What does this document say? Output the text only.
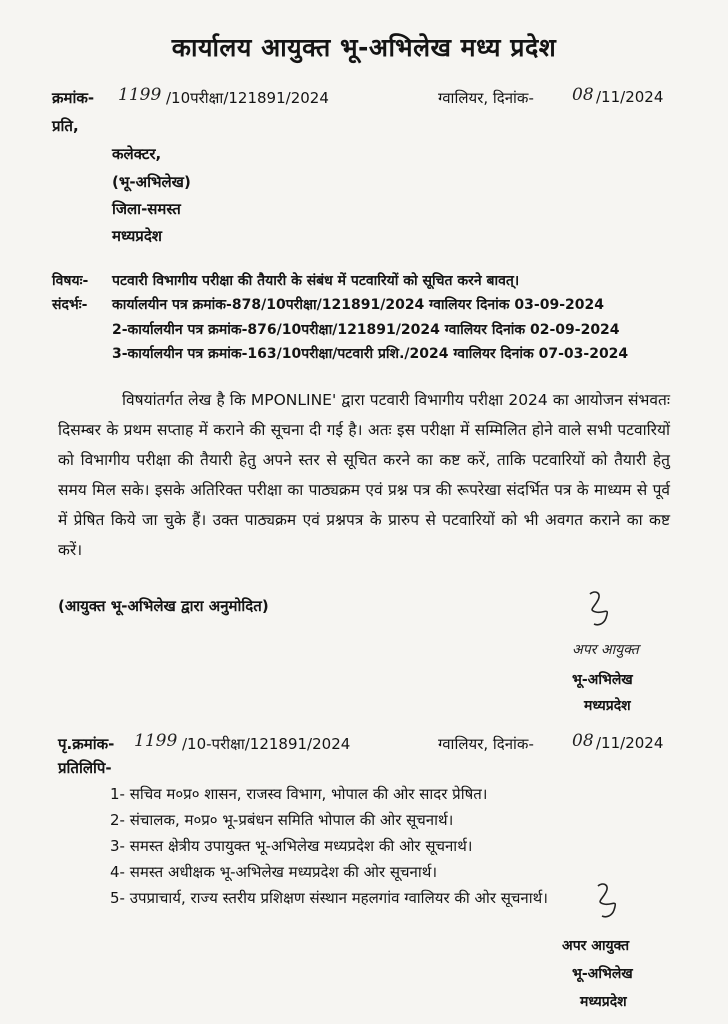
कार्यालय आयुक्त भू-अभिलेख मध्य प्रदेश
क्रमांक- 1199 /10परीक्षा/121891/2024	ग्वालियर, दिनांक- 08 /11/2024
प्रति,
कलेक्टर,
(भू-अभिलेख)
जिला-समस्त
मध्यप्रदेश
विषयः- पटवारी विभागीय परीक्षा की तैयारी के संबंध में पटवारियों को सूचित करने बावत्।
संदर्भः- कार्यालयीन पत्र क्रमांक-878/10परीक्षा/121891/2024 ग्वालियर दिनांक 03-09-2024
2-कार्यालयीन पत्र क्रमांक-876/10परीक्षा/121891/2024 ग्वालियर दिनांक 02-09-2024
3-कार्यालयीन पत्र क्रमांक-163/10परीक्षा/पटवारी प्रशि./2024 ग्वालियर दिनांक 07-03-2024
विषयांतर्गत लेख है कि MPONLINE' द्वारा पटवारी विभागीय परीक्षा 2024 का आयोजन संभवतः दिसम्बर के प्रथम सप्ताह में कराने की सूचना दी गई है। अतः इस परीक्षा में सम्मिलित होने वाले सभी पटवारियों को विभागीय परीक्षा की तैयारी हेतु अपने स्तर से सूचित करने का कष्ट करें, ताकि पटवारियों को तैयारी हेतु समय मिल सके। इसके अतिरिक्त परीक्षा का पाठ्यक्रम एवं प्रश्न पत्र की रूपरेखा संदर्भित पत्र के माध्यम से पूर्व में प्रेषित किये जा चुके हैं। उक्त पाठ्यक्रम एवं प्रश्नपत्र के प्रारुप से पटवारियों को भी अवगत कराने का कष्ट करें।
(आयुक्त भू-अभिलेख द्वारा अनुमोदित)
अपर आयुक्त
भू-अभिलेख
मध्यप्रदेश
पृ.क्रमांक- 1199 /10-परीक्षा/121891/2024	ग्वालियर, दिनांक- 08 /11/2024
प्रतिलिपि-
1- सचिव म०प्र० शासन, राजस्व विभाग, भोपाल की ओर सादर प्रेषित।
2- संचालक, म०प्र० भू-प्रबंधन समिति भोपाल की ओर सूचनार्थ।
3- समस्त क्षेत्रीय उपायुक्त भू-अभिलेख मध्यप्रदेश की ओर सूचनार्थ।
4- समस्त अधीक्षक भू-अभिलेख मध्यप्रदेश की ओर सूचनार्थ।
5- उपप्राचार्य, राज्य स्तरीय प्रशिक्षण संस्थान महलगांव ग्वालियर की ओर सूचनार्थ।
अपर आयुक्त
भू-अभिलेख
मध्यप्रदेश
